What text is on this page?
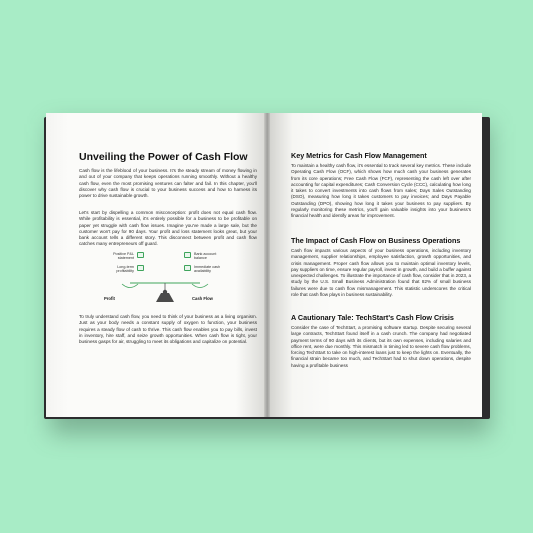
Unveiling the Power of Cash Flow
Cash flow is the lifeblood of your business. It's the steady stream of money flowing in and out of your company that keeps operations running smoothly. Without a healthy cash flow, even the most promising ventures can falter and fail. In this chapter, you'll discover why cash flow is crucial to your business success and how to harness its power to drive sustainable growth.
Let's start by dispelling a common misconception: profit does not equal cash flow. While profitability is essential, it's entirely possible for a business to be profitable on paper yet struggle with cash flow issues. Imagine you've made a large sale, but the customer won't pay for 90 days. Your profit and loss statement looks great, but your bank account tells a different story. This disconnect between profit and cash flow catches many entrepreneurs off guard.
Positive P&L statement
Long-term profitability
Bank account balance
Immediate cash availability
Profit	Cash Flow
To truly understand cash flow, you need to think of your business as a living organism. Just as your body needs a constant supply of oxygen to function, your business requires a steady flow of cash to thrive. This cash flow enables you to pay bills, invest in inventory, hire staff, and seize growth opportunities. When cash flow is tight, your business gasps for air, struggling to meet its obligations and capitalize on potential.
Key Metrics for Cash Flow Management
To maintain a healthy cash flow, it's essential to track several key metrics. These include Operating Cash Flow (OCF), which shows how much cash your business generates from its core operations; Free Cash Flow (FCF), representing the cash left over after accounting for capital expenditures; Cash Conversion Cycle (CCC), calculating how long it takes to convert investments into cash flows from sales; Days Sales Outstanding (DSO), measuring how long it takes customers to pay invoices; and Days Payable Outstanding (DPO), showing how long it takes your business to pay suppliers. By regularly monitoring these metrics, you'll gain valuable insights into your business's financial health and identify areas for improvement.
The Impact of Cash Flow on Business Operations
Cash flow impacts various aspects of your business operations, including inventory management, supplier relationships, employee satisfaction, growth opportunities, and crisis management. Proper cash flow allows you to maintain optimal inventory levels, pay suppliers on time, ensure regular payroll, invest in growth, and build a buffer against unexpected challenges. To illustrate the importance of cash flow, consider that in 2023, a study by the U.S. Small Business Administration found that 82% of small business failures were due to cash flow mismanagement. This statistic underscores the critical role that cash flow plays in business sustainability.
A Cautionary Tale: TechStart's Cash Flow Crisis
Consider the case of TechStart, a promising software startup. Despite securing several large contracts, TechStart found itself in a cash crunch. The company had negotiated payment terms of 90 days with its clients, but its own expenses, including salaries and office rent, were due monthly. This mismatch in timing led to severe cash flow problems, forcing TechStart to take on high-interest loans just to keep the lights on. Eventually, the financial strain became too much, and TechStart had to shut down operations, despite having a profitable business
